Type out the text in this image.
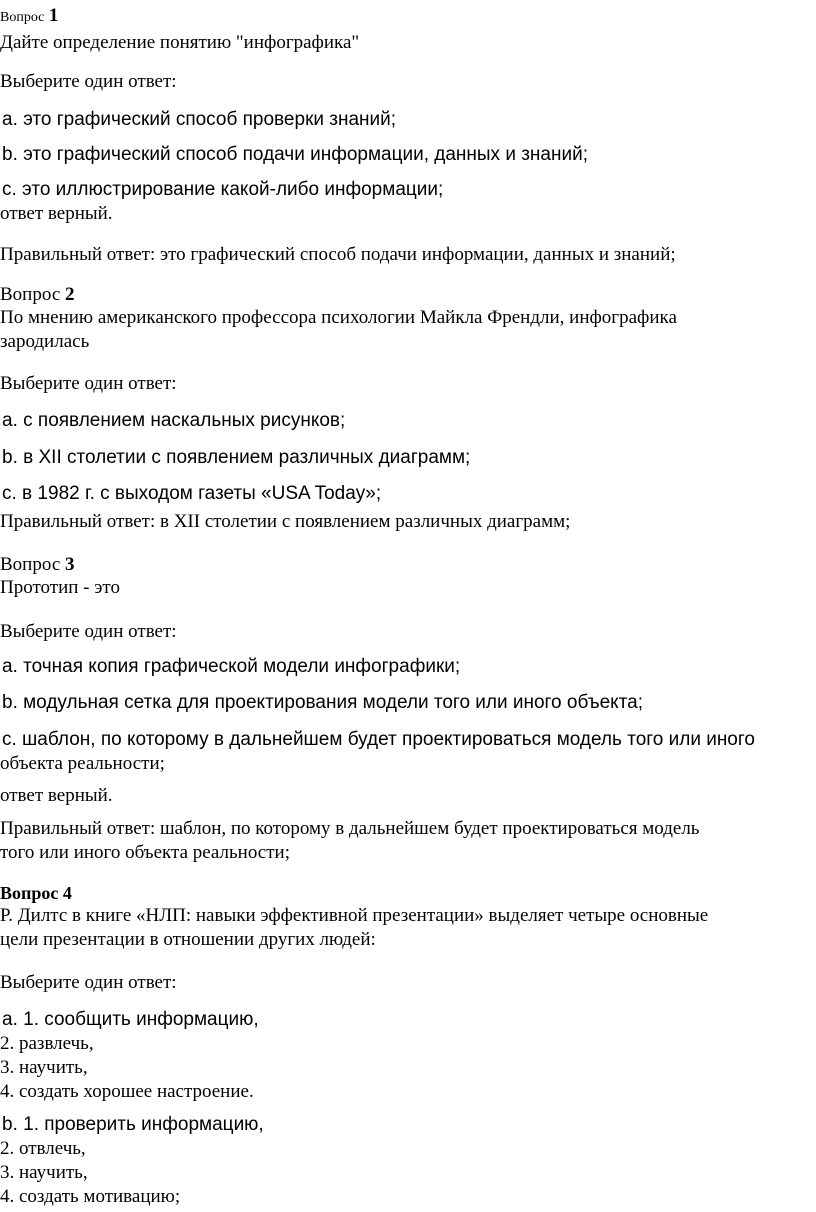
Вопрос 1

Дайте определение понятию "инфографика"

Выберите один ответ:

a. это графический способ проверки знаний;

b. это графический способ подачи информации, данных и знаний;

c. это иллюстрирование какой-либо информации;

ответ верный.

Правильный ответ: это графический способ подачи информации, данных и знаний;

Вопрос 2

По мнению американского профессора психологии Майкла Френдли, инфографика

зародилась

Выберите один ответ:

a. с появлением наскальных рисунков;

b. в XII столетии с появлением различных диаграмм;

c. в 1982 г. с выходом газеты «USA Today»;

Правильный ответ: в XII столетии с появлением различных диаграмм;

Вопрос 3

Прототип - это

Выберите один ответ:

a. точная копия графической модели инфографики;

b. модульная сетка для проектирования модели того или иного объекта;

c. шаблон, по которому в дальнейшем будет проектироваться модель того или иного

объекта реальности;

ответ верный.

Правильный ответ: шаблон, по которому в дальнейшем будет проектироваться модель

того или иного объекта реальности;

Вопрос 4

Р. Дилтс в книге «НЛП: навыки эффективной презентации» выделяет четыре основные

цели презентации в отношении других людей:

Выберите один ответ:

a. 1. сообщить информацию,

2. развлечь,

3. научить,

4. создать хорошее настроение.

b. 1. проверить информацию,

2. отвлечь,

3. научить,

4. создать мотивацию;
